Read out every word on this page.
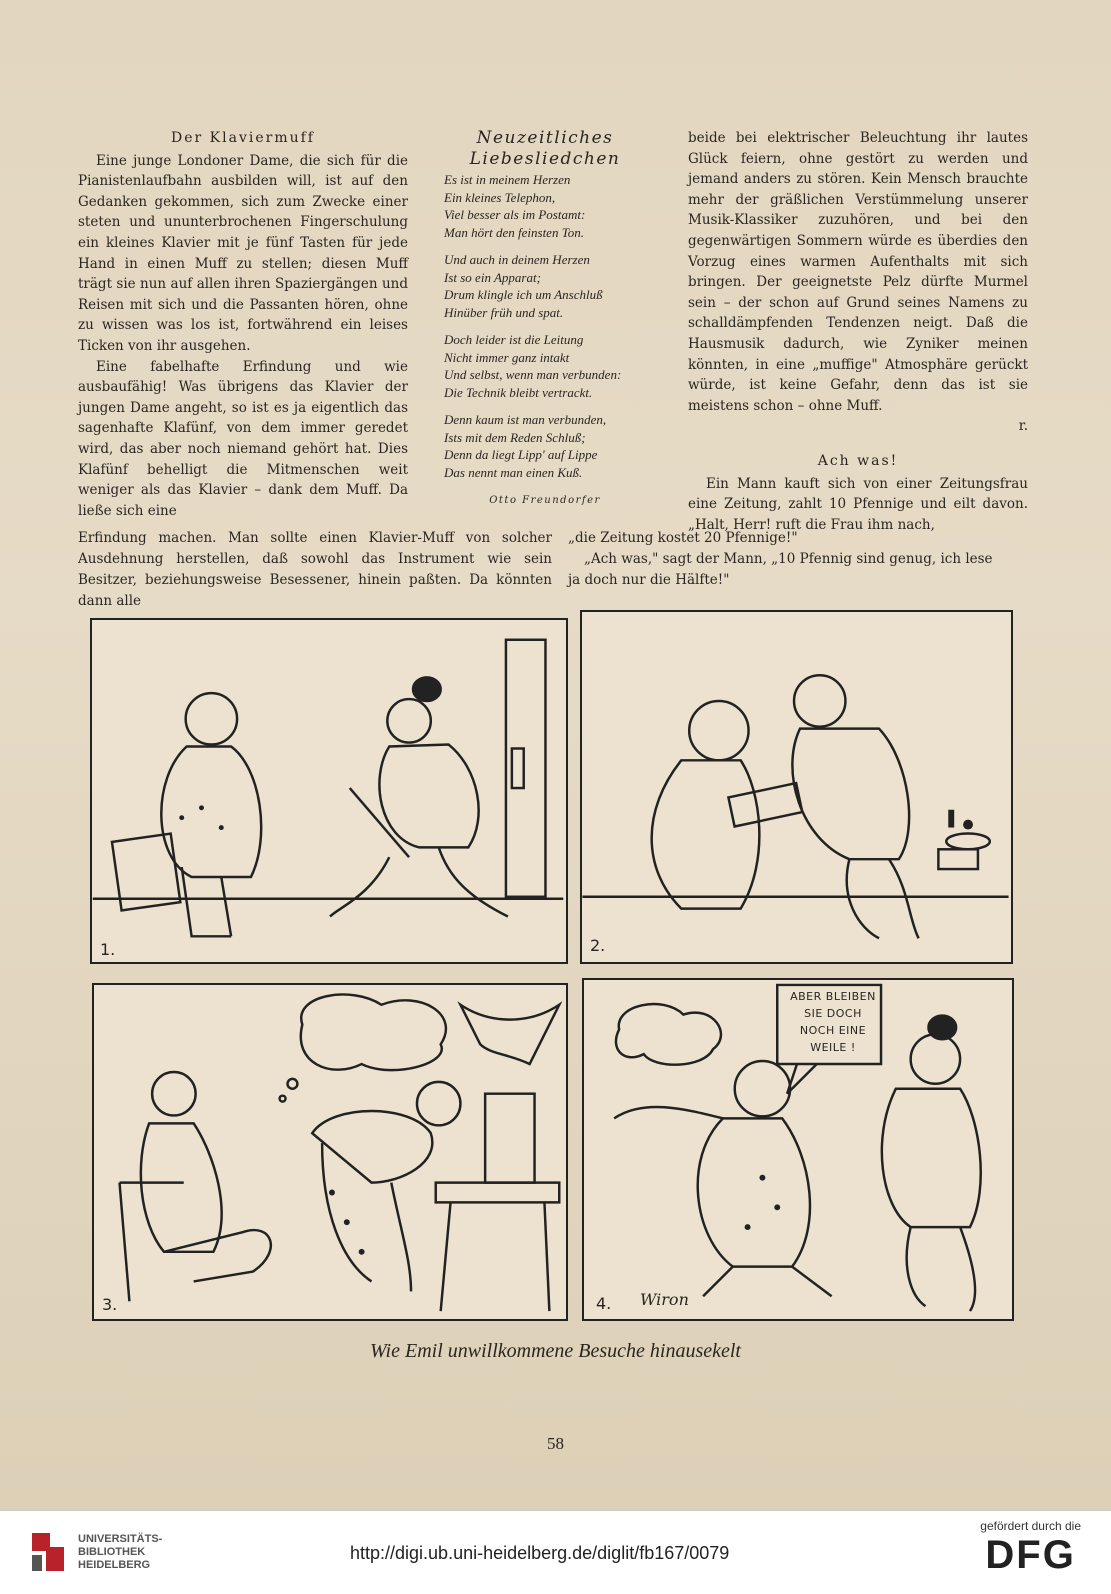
Der Klaviermuff

Eine junge Londoner Dame, die sich für die Pianistenlaufbahn ausbilden will, ist auf den Gedanken gekommen, sich zum Zwecke einer steten und ununterbrochenen Fingerschulung ein kleines Klavier mit je fünf Tasten für jede Hand in einen Muff zu stellen; diesen Muff trägt sie nun auf allen ihren Spaziergängen und Reisen mit sich und die Passanten hören, ohne zu wissen was los ist, fortwährend ein leises Ticken von ihr ausgehen.

Eine fabelhafte Erfindung und wie ausbaufähig! Was übrigens das Klavier der jungen Dame angeht, so ist es ja eigentlich das sagenhafte Klafünf, von dem immer geredet wird, das aber noch niemand gehört hat. Dies Klafünf behelligt die Mitmenschen weit weniger als das Klavier – dank dem Muff. Da ließe sich eine

Neuzeitliches Liebesliedchen
Es ist in meinem Herzen
Ein kleines Telephon,
Viel besser als im Postamt:
Man hört den feinsten Ton.
Und auch in deinem Herzen
Ist so ein Apparat;
Drum klingle ich um Anschluß
Hinüber früh und spat.
Doch leider ist die Leitung
Nicht immer ganz intakt
Und selbst, wenn man verbunden:
Die Technik bleibt vertrackt.
Denn kaum ist man verbunden,
Ists mit dem Reden Schluß;
Denn da liegt Lipp' auf Lippe
Das nennt man einen Kuß.
Otto Freundorfer
beide bei elektrischer Beleuchtung ihr lautes Glück feiern, ohne gestört zu werden und jemand anders zu stören. Kein Mensch brauchte mehr der gräßlichen Verstümmelung unserer Musik-Klassiker zuzuhören, und bei den gegenwärtigen Sommern würde es überdies den Vorzug eines warmen Aufenthalts mit sich bringen. Der geeignetste Pelz dürfte Murmel sein – der schon auf Grund seines Namens zu schalldämpfenden Tendenzen neigt. Daß die Hausmusik dadurch, wie Zyniker meinen könnten, in eine „muffige" Atmosphäre gerückt würde, ist keine Gefahr, denn das ist sie meistens schon – ohne Muff.
r.
Ach was!

Ein Mann kauft sich von einer Zeitungsfrau eine Zeitung, zahlt 10 Pfennige und eilt davon. „Halt, Herr! ruft die Frau ihm nach,

Erfindung machen. Man sollte einen Klavier-Muff von solcher Ausdehnung herstellen, daß sowohl das Instrument wie sein Besitzer, beziehungsweise Besessener, hinein paßten. Da könnten dann alle
„die Zeitung kostet 20 Pfennige!"
„Ach was," sagt der Mann, „10 Pfennig sind genug, ich lese
ja doch nur die Hälfte!"
1.	2.
3.
ABER BLEIBEN
SIE DOCH
NOCH EINE
WEILE !
4. Wiron
Wie Emil unwillkommene Besuche hinausekelt
58
UNIVERSITÄTS-
BIBLIOTHEK
HEIDELBERG
http://digi.ub.uni-heidelberg.de/diglit/fb167/0079
gefördert durch die
DFG
